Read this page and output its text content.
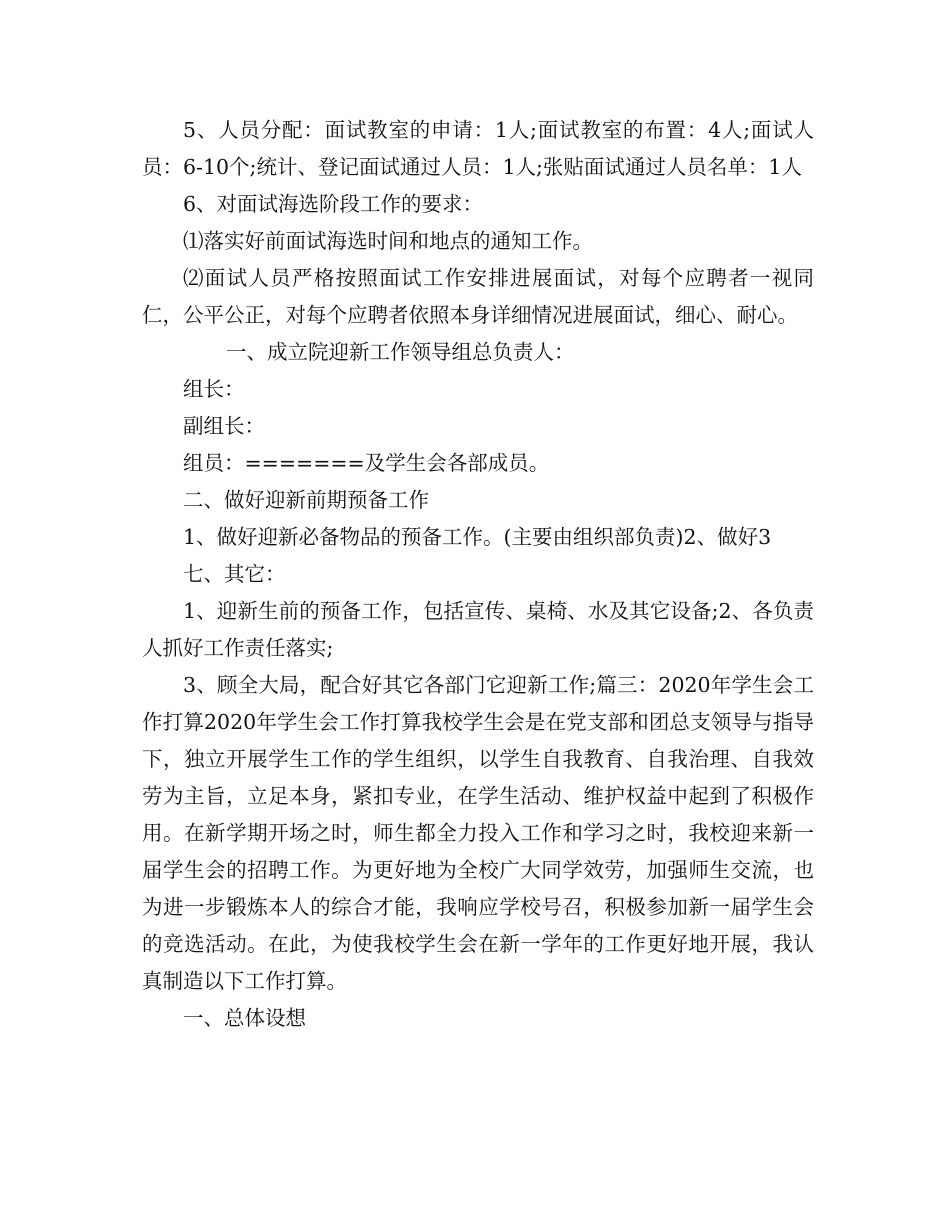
5、人员分配：面试教室的申请：1人;面试教室的布置：4人;面试人员：6-10个;统计、登记面试通过人员：1人;张贴面试通过人员名单：1人

6、对面试海选阶段工作的要求：

⑴落实好前面试海选时间和地点的通知工作。

⑵面试人员严格按照面试工作安排进展面试，对每个应聘者一视同仁，公平公正，对每个应聘者依照本身详细情况进展面试，细心、耐心。

一、成立院迎新工作领导组总负责人：

组长：

副组长：

组员：=======及学生会各部成员。

二、做好迎新前期预备工作

1、做好迎新必备物品的预备工作。(主要由组织部负责)2、做好3

七、其它：

1、迎新生前的预备工作，包括宣传、桌椅、水及其它设备;2、各负责人抓好工作责任落实;

3、顾全大局，配合好其它各部门它迎新工作;篇三：2020年学生会工作打算2020年学生会工作打算我校学生会是在党支部和团总支领导与指导下，独立开展学生工作的学生组织，以学生自我教育、自我治理、自我效劳为主旨，立足本身，紧扣专业，在学生活动、维护权益中起到了积极作用。在新学期开场之时，师生都全力投入工作和学习之时，我校迎来新一届学生会的招聘工作。为更好地为全校广大同学效劳，加强师生交流，也为进一步锻炼本人的综合才能，我响应学校号召，积极参加新一届学生会的竞选活动。在此，为使我校学生会在新一学年的工作更好地开展，我认真制造以下工作打算。

一、总体设想
